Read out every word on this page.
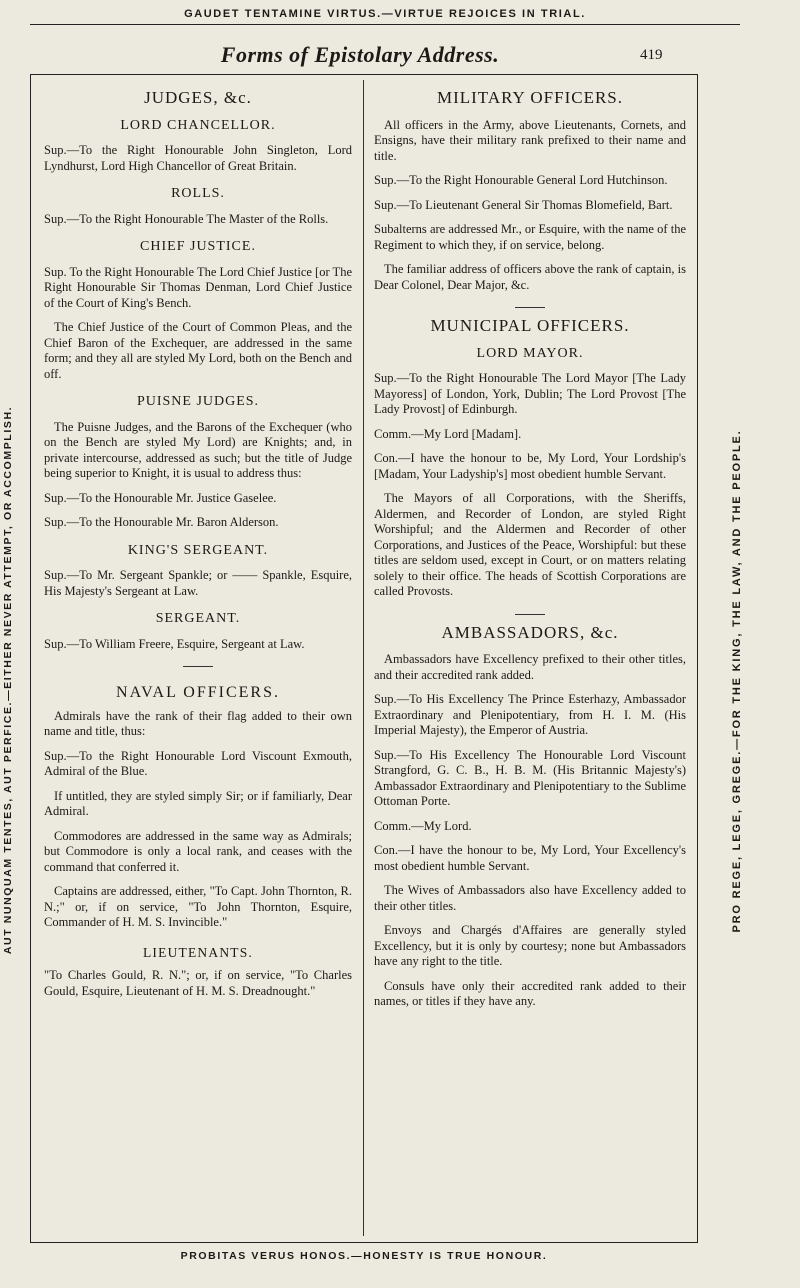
GAUDET TENTAMINE VIRTUS.—VIRTUE REJOICES IN TRIAL.
Forms of Epistolary Address.	419
AUT NUNQUAM TENTES, AUT PERFICE.—EITHER NEVER ATTEMPT, OR ACCOMPLISH.	PRO REGE, LEGE, GREGE.—FOR THE KING, THE LAW, AND THE PEOPLE.
PROBITAS VERUS HONOS.—HONESTY IS TRUE HONOUR.
JUDGES, &c.
LORD CHANCELLOR.

Sup.—To the Right Honourable John Singleton, Lord Lyndhurst, Lord High Chancellor of Great Britain.

ROLLS.

Sup.—To the Right Honourable The Master of the Rolls.

CHIEF JUSTICE.

Sup. To the Right Honourable The Lord Chief Justice [or The Right Honourable Sir Thomas Denman, Lord Chief Justice of the Court of King's Bench.

The Chief Justice of the Court of Common Pleas, and the Chief Baron of the Exchequer, are addressed in the same form; and they all are styled My Lord, both on the Bench and off.

PUISNE JUDGES.

The Puisne Judges, and the Barons of the Exchequer (who on the Bench are styled My Lord) are Knights; and, in private intercourse, addressed as such; but the title of Judge being superior to Knight, it is usual to address thus:

Sup.—To the Honourable Mr. Justice Gaselee.

Sup.—To the Honourable Mr. Baron Alderson.

KING'S SERGEANT.

Sup.—To Mr. Sergeant Spankle; or —— Spankle, Esquire, His Majesty's Sergeant at Law.

SERGEANT.

Sup.—To William Freere, Esquire, Sergeant at Law.

NAVAL OFFICERS.

Admirals have the rank of their flag added to their own name and title, thus:

Sup.—To the Right Honourable Lord Viscount Exmouth, Admiral of the Blue.

If untitled, they are styled simply Sir; or if familiarly, Dear Admiral.

Commodores are addressed in the same way as Admirals; but Commodore is only a local rank, and ceases with the command that conferred it.

Captains are addressed, either, "To Capt. John Thornton, R. N.;" or, if on service, "To John Thornton, Esquire, Commander of H. M. S. Invincible."

LIEUTENANTS.

"To Charles Gould, R. N."; or, if on service, "To Charles Gould, Esquire, Lieutenant of H. M. S. Dreadnought."

MILITARY OFFICERS.

All officers in the Army, above Lieutenants, Cornets, and Ensigns, have their military rank prefixed to their name and title.

Sup.—To the Right Honourable General Lord Hutchinson.

Sup.—To Lieutenant General Sir Thomas Blomefield, Bart.

Subalterns are addressed Mr., or Esquire, with the name of the Regiment to which they, if on service, belong.

The familiar address of officers above the rank of captain, is Dear Colonel, Dear Major, &c.

MUNICIPAL OFFICERS.
LORD MAYOR.

Sup.—To the Right Honourable The Lord Mayor [The Lady Mayoress] of London, York, Dublin; The Lord Provost [The Lady Provost] of Edinburgh.

Comm.—My Lord [Madam].

Con.—I have the honour to be, My Lord, Your Lordship's [Madam, Your Ladyship's] most obedient humble Servant.

The Mayors of all Corporations, with the Sheriffs, Aldermen, and Recorder of London, are styled Right Worshipful; and the Aldermen and Recorder of other Corporations, and Justices of the Peace, Worshipful: but these titles are seldom used, except in Court, or on matters relating solely to their office. The heads of Scottish Corporations are called Provosts.

AMBASSADORS, &c.

Ambassadors have Excellency prefixed to their other titles, and their accredited rank added.

Sup.—To His Excellency The Prince Esterhazy, Ambassador Extraordinary and Plenipotentiary, from H. I. M. (His Imperial Majesty), the Emperor of Austria.

Sup.—To His Excellency The Honourable Lord Viscount Strangford, G. C. B., H. B. M. (His Britannic Majesty's) Ambassador Extraordinary and Plenipotentiary to the Sublime Ottoman Porte.

Comm.—My Lord.

Con.—I have the honour to be, My Lord, Your Excellency's most obedient humble Servant.

The Wives of Ambassadors also have Excellency added to their other titles.

Envoys and Chargés d'Affaires are generally styled Excellency, but it is only by courtesy; none but Ambassadors have any right to the title.

Consuls have only their accredited rank added to their names, or titles if they have any.
